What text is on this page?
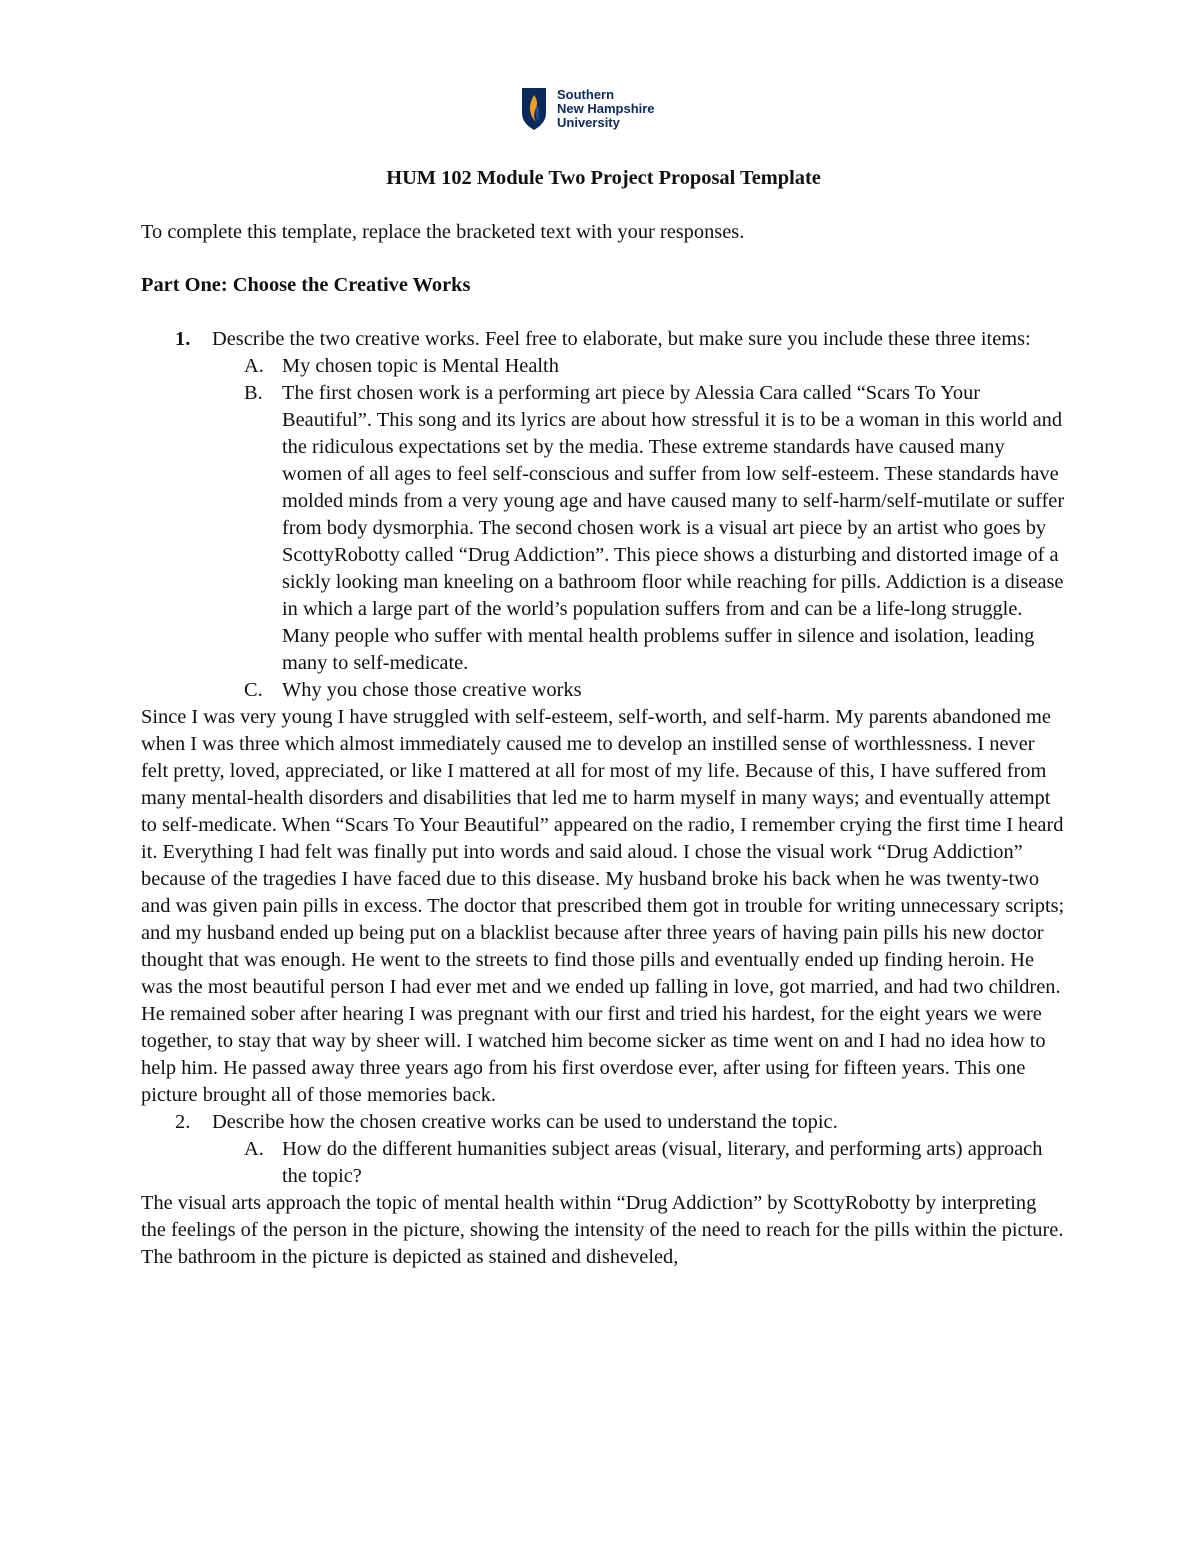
Southern
New Hampshire
University

HUM 102 Module Two Project Proposal Template

To complete this template, replace the bracketed text with your responses.

Part One: Choose the Creative Works

1. Describe the two creative works. Feel free to elaborate, but make sure you include these three items:
A. My chosen topic is Mental Health
B. The first chosen work is a performing art piece by Alessia Cara called “Scars To Your Beautiful”. This song and its lyrics are about how stressful it is to be a woman in this world and the ridiculous expectations set by the media. These extreme standards have caused many women of all ages to feel self-conscious and suffer from low self-esteem. These standards have molded minds from a very young age and have caused many to self-harm/self-mutilate or suffer from body dysmorphia. The second chosen work is a visual art piece by an artist who goes by ScottyRobotty called “Drug Addiction”. This piece shows a disturbing and distorted image of a sickly looking man kneeling on a bathroom floor while reaching for pills. Addiction is a disease in which a large part of the world’s population suffers from and can be a life-long struggle. Many people who suffer with mental health problems suffer in silence and isolation, leading many to self-medicate.
C. Why you chose those creative works

Since I was very young I have struggled with self-esteem, self-worth, and self-harm. My parents abandoned me when I was three which almost immediately caused me to develop an instilled sense of worthlessness. I never felt pretty, loved, appreciated, or like I mattered at all for most of my life. Because of this, I have suffered from many mental-health disorders and disabilities that led me to harm myself in many ways; and eventually attempt to self-medicate. When “Scars To Your Beautiful” appeared on the radio, I remember crying the first time I heard it. Everything I had felt was finally put into words and said aloud. I chose the visual work “Drug Addiction” because of the tragedies I have faced due to this disease. My husband broke his back when he was twenty-two and was given pain pills in excess. The doctor that prescribed them got in trouble for writing unnecessary scripts; and my husband ended up being put on a blacklist because after three years of having pain pills his new doctor thought that was enough. He went to the streets to find those pills and eventually ended up finding heroin. He was the most beautiful person I had ever met and we ended up falling in love, got married, and had two children. He remained sober after hearing I was pregnant with our first and tried his hardest, for the eight years we were together, to stay that way by sheer will. I watched him become sicker as time went on and I had no idea how to help him. He passed away three years ago from his first overdose ever, after using for fifteen years. This one picture brought all of those memories back.

2. Describe how the chosen creative works can be used to understand the topic.
A. How do the different humanities subject areas (visual, literary, and performing arts) approach the topic?

The visual arts approach the topic of mental health within “Drug Addiction” by ScottyRobotty by interpreting the feelings of the person in the picture, showing the intensity of the need to reach for the pills within the picture. The bathroom in the picture is depicted as stained and disheveled,
